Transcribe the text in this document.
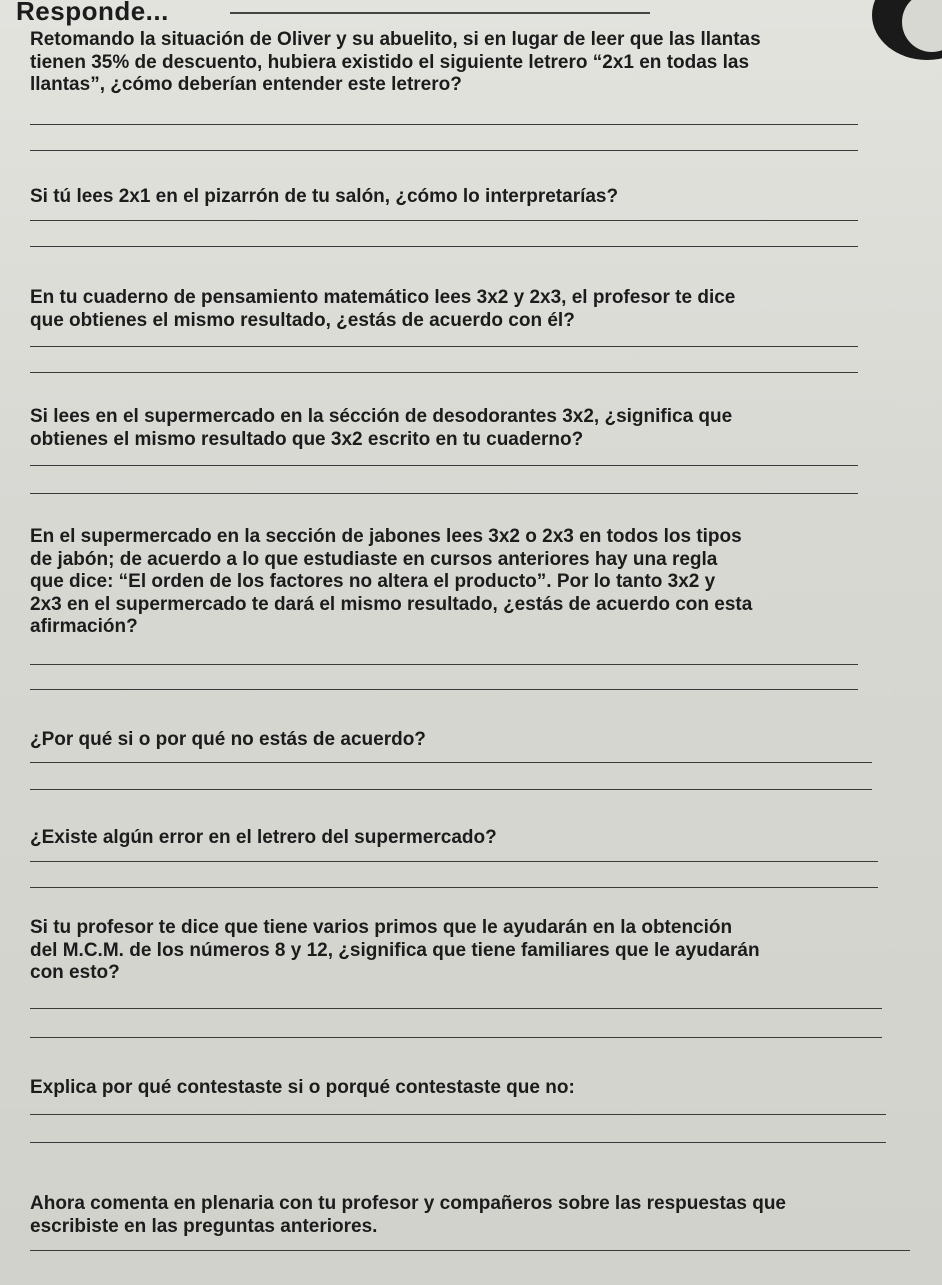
Responde...
Retomando la situación de Oliver y su abuelito, si en lugar de leer que las llantas
tienen 35% de descuento, hubiera existido el siguiente letrero “2x1 en todas las
llantas”, ¿cómo deberían entender este letrero?
Si tú lees 2x1 en el pizarrón de tu salón, ¿cómo lo interpretarías?
En tu cuaderno de pensamiento matemático lees 3x2 y 2x3, el profesor te dice
que obtienes el mismo resultado, ¿estás de acuerdo con él?
Si lees en el supermercado en la sécción de desodorantes 3x2, ¿significa que
obtienes el mismo resultado que 3x2 escrito en tu cuaderno?
En el supermercado en la sección de jabones lees 3x2 o 2x3 en todos los tipos
de jabón; de acuerdo a lo que estudiaste en cursos anteriores hay una regla
que dice: “El orden de los factores no altera el producto”. Por lo tanto 3x2 y
2x3 en el supermercado te dará el mismo resultado, ¿estás de acuerdo con esta
afirmación?
¿Por qué si o por qué no estás de acuerdo?
¿Existe algún error en el letrero del supermercado?
Si tu profesor te dice que tiene varios primos que le ayudarán en la obtención
del M.C.M. de los números 8 y 12, ¿significa que tiene familiares que le ayudarán
con esto?
Explica por qué contestaste si o porqué contestaste que no:
Ahora comenta en plenaria con tu profesor y compañeros sobre las respuestas que
escribiste en las preguntas anteriores.
